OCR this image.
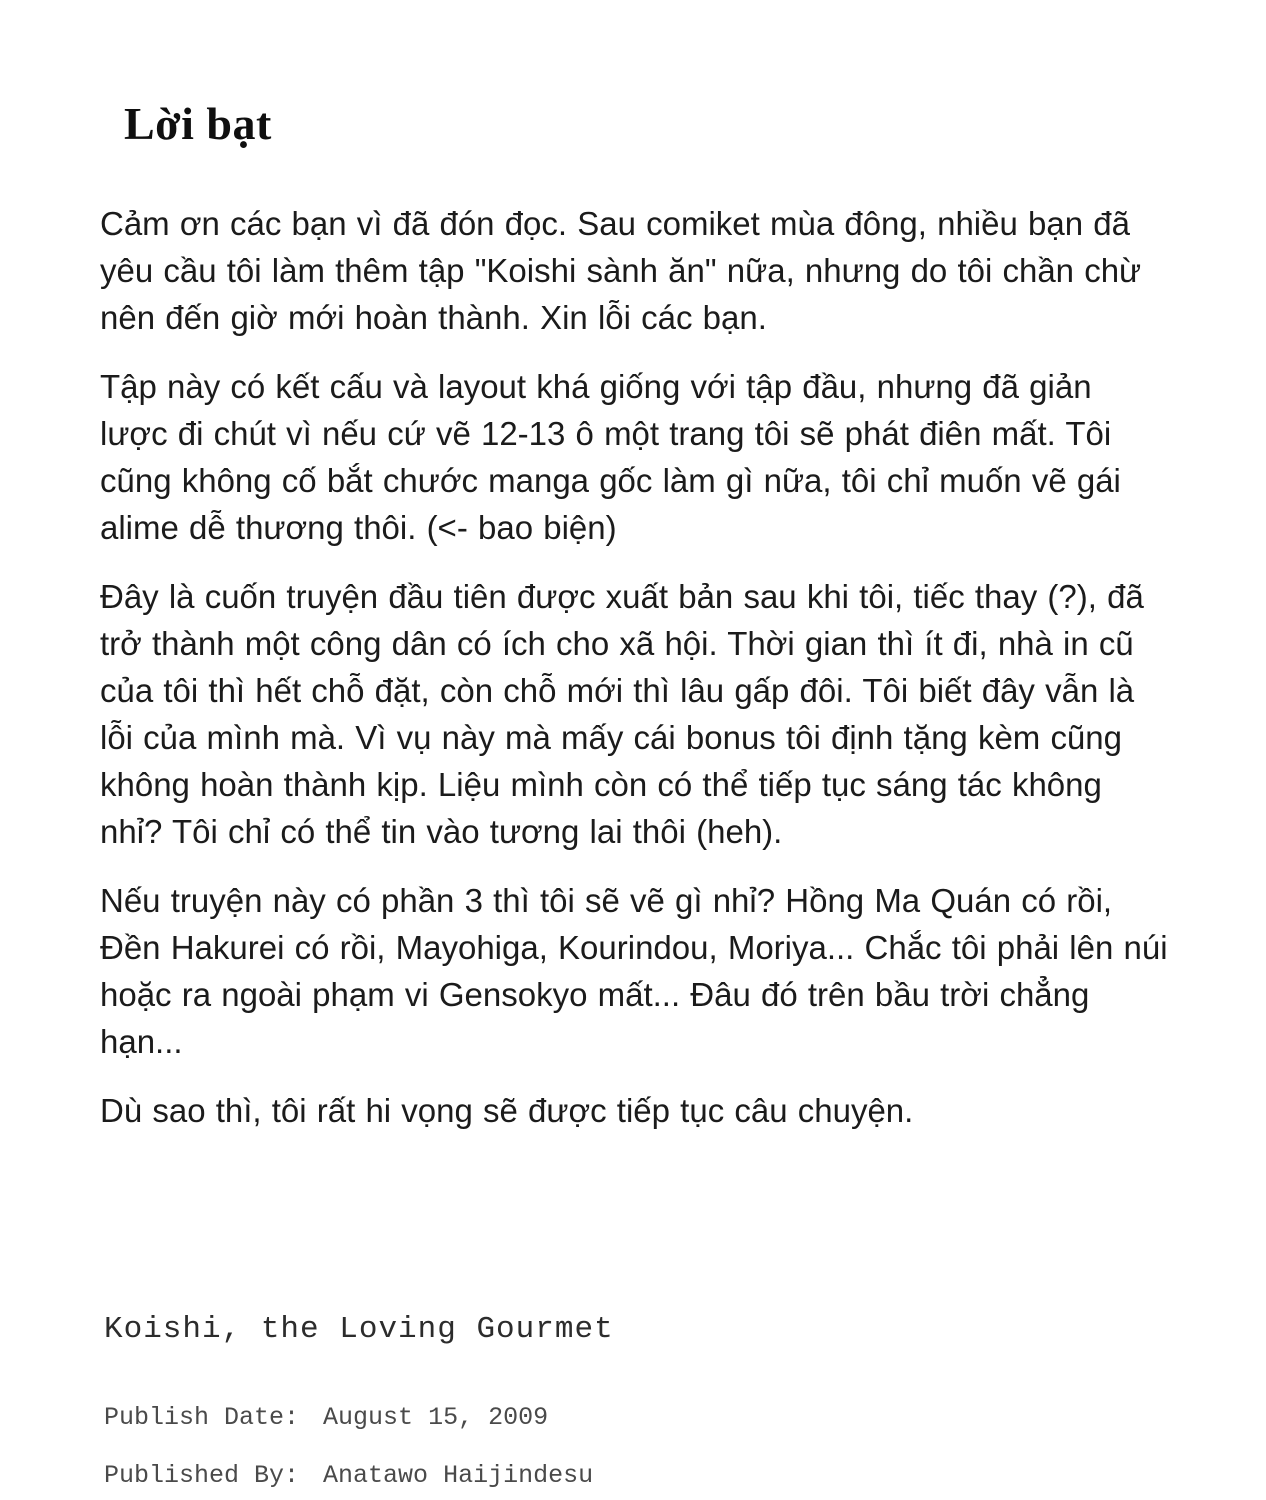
Lời bạt

Cảm ơn các bạn vì đã đón đọc. Sau comiket mùa đông, nhiều bạn đã yêu cầu tôi làm thêm tập "Koishi sành ăn" nữa, nhưng do tôi chần chừ nên đến giờ mới hoàn thành. Xin lỗi các bạn.

Tập này có kết cấu và layout khá giống với tập đầu, nhưng đã giản lược đi chút vì nếu cứ vẽ 12-13 ô một trang tôi sẽ phát điên mất. Tôi cũng không cố bắt chước manga gốc làm gì nữa, tôi chỉ muốn vẽ gái alime dễ thương thôi. (<- bao biện)

Đây là cuốn truyện đầu tiên được xuất bản sau khi tôi, tiếc thay (?), đã trở thành một công dân có ích cho xã hội. Thời gian thì ít đi, nhà in cũ của tôi thì hết chỗ đặt, còn chỗ mới thì lâu gấp đôi. Tôi biết đây vẫn là lỗi của mình mà. Vì vụ này mà mấy cái bonus tôi định tặng kèm cũng không hoàn thành kịp. Liệu mình còn có thể tiếp tục sáng tác không nhỉ? Tôi chỉ có thể tin vào tương lai thôi (heh).

Nếu truyện này có phần 3 thì tôi sẽ vẽ gì nhỉ? Hồng Ma Quán có rồi, Đền Hakurei có rồi, Mayohiga, Kourindou, Moriya... Chắc tôi phải lên núi hoặc ra ngoài phạm vi Gensokyo mất... Đâu đó trên bầu trời chẳng hạn...

Dù sao thì, tôi rất hi vọng sẽ được tiếp tục câu chuyện.

Koishi, the Loving Gourmet
Publish Date: August 15, 2009
Published By: Anatawo Haijindesu
